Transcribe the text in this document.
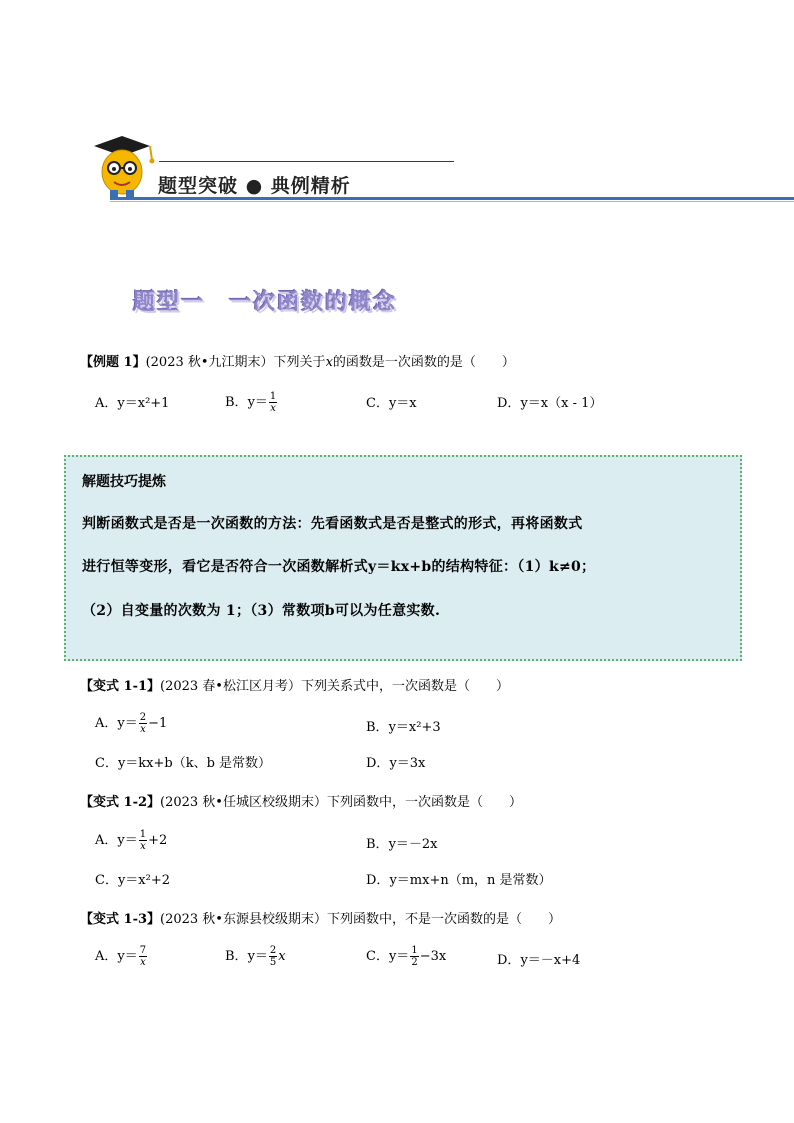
题型突破 ● 典例精析
题型一　一次函数的概念
【例题 1】(2023 秋•九江期末）下列关于x的函数是一次函数的是（　　）
A．y＝x²+1	B．$y= \frac{1}{x}$	C．y＝x	D．y＝x（x - 1）
解题技巧提炼
判断函数式是否是一次函数的方法：先看函数式是否是整式的形式，再将函数式
进行恒等变形，看它是否符合一次函数解析式y＝kx+b的结构特征：（1）k≠0；
（2）自变量的次数为 1；（3）常数项b可以为任意实数.
【变式 1-1】(2023 春•松江区月考）下列关系式中，一次函数是（　　）
A．$y= \frac{2}{x} -1$	B．y＝x²+3
C．y＝kx+b（k、b 是常数）	D．y＝3x
【变式 1-2】(2023 秋•任城区校级期末）下列函数中，一次函数是（　　）
A．$y= \frac{1}{x} +2$	B．y＝－2x
C．y＝x²+2	D．y＝mx+n（m，n 是常数）
【变式 1-3】(2023 秋•东源县校级期末）下列函数中，不是一次函数的是（　　）
A．$y= \frac{7}{x}$	B．$y= \frac{2}{5}$ x	C．$y= \frac{1}{2} -3x$	D．y＝－x+4
